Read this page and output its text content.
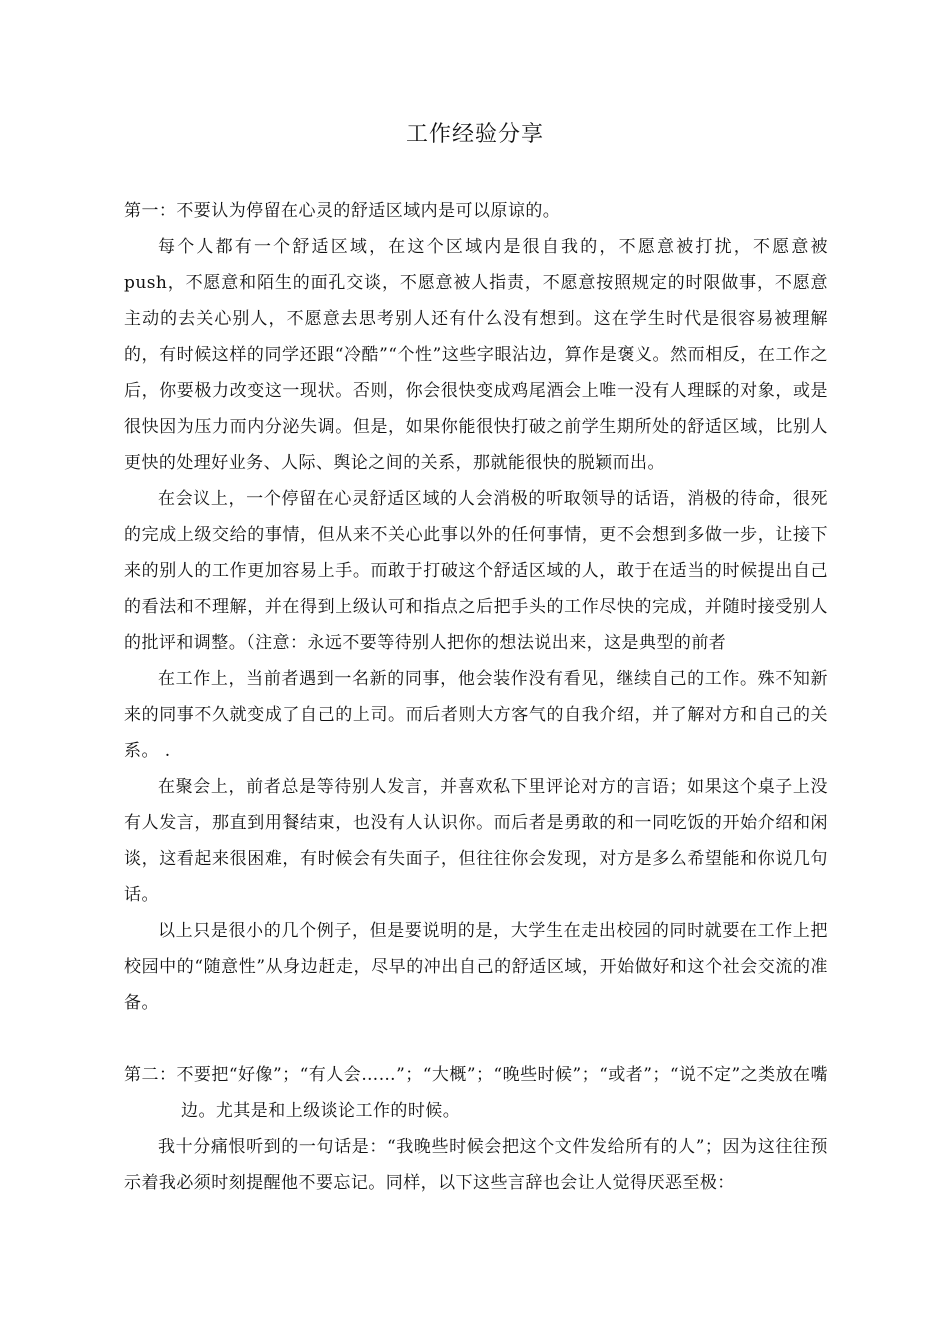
工作经验分享

第一：不要认为停留在心灵的舒适区域内是可以原谅的。

每个人都有一个舒适区域，在这个区域内是很自我的，不愿意被打扰，不愿意被push，不愿意和陌生的面孔交谈，不愿意被人指责，不愿意按照规定的时限做事，不愿意主动的去关心别人，不愿意去思考别人还有什么没有想到。这在学生时代是很容易被理解的，有时候这样的同学还跟“冷酷”“个性”这些字眼沾边，算作是褒义。然而相反，在工作之后，你要极力改变这一现状。否则，你会很快变成鸡尾酒会上唯一没有人理睬的对象，或是很快因为压力而内分泌失调。但是，如果你能很快打破之前学生期所处的舒适区域，比别人更快的处理好业务、人际、舆论之间的关系，那就能很快的脱颖而出。

在会议上，一个停留在心灵舒适区域的人会消极的听取领导的话语，消极的待命，很死的完成上级交给的事情，但从来不关心此事以外的任何事情，更不会想到多做一步，让接下来的别人的工作更加容易上手。而敢于打破这个舒适区域的人，敢于在适当的时候提出自己的看法和不理解，并在得到上级认可和指点之后把手头的工作尽快的完成，并随时接受别人的批评和调整。（注意：永远不要等待别人把你的想法说出来，这是典型的前者

在工作上，当前者遇到一名新的同事，他会装作没有看见，继续自己的工作。殊不知新来的同事不久就变成了自己的上司。而后者则大方客气的自我介绍，并了解对方和自己的关系。 .

在聚会上，前者总是等待别人发言，并喜欢私下里评论对方的言语；如果这个桌子上没有人发言，那直到用餐结束，也没有人认识你。而后者是勇敢的和一同吃饭的开始介绍和闲谈，这看起来很困难，有时候会有失面子，但往往你会发现，对方是多么希望能和你说几句话。

以上只是很小的几个例子，但是要说明的是，大学生在走出校园的同时就要在工作上把校园中的“随意性”从身边赶走，尽早的冲出自己的舒适区域，开始做好和这个社会交流的准备。

第二：不要把“好像”；“有人会……”；“大概”；“晚些时候”；“或者”；“说不定”之类放在嘴边。尤其是和上级谈论工作的时候。

我十分痛恨听到的一句话是：“我晚些时候会把这个文件发给所有的人”；因为这往往预示着我必须时刻提醒他不要忘记。同样，以下这些言辞也会让人觉得厌恶至极：
